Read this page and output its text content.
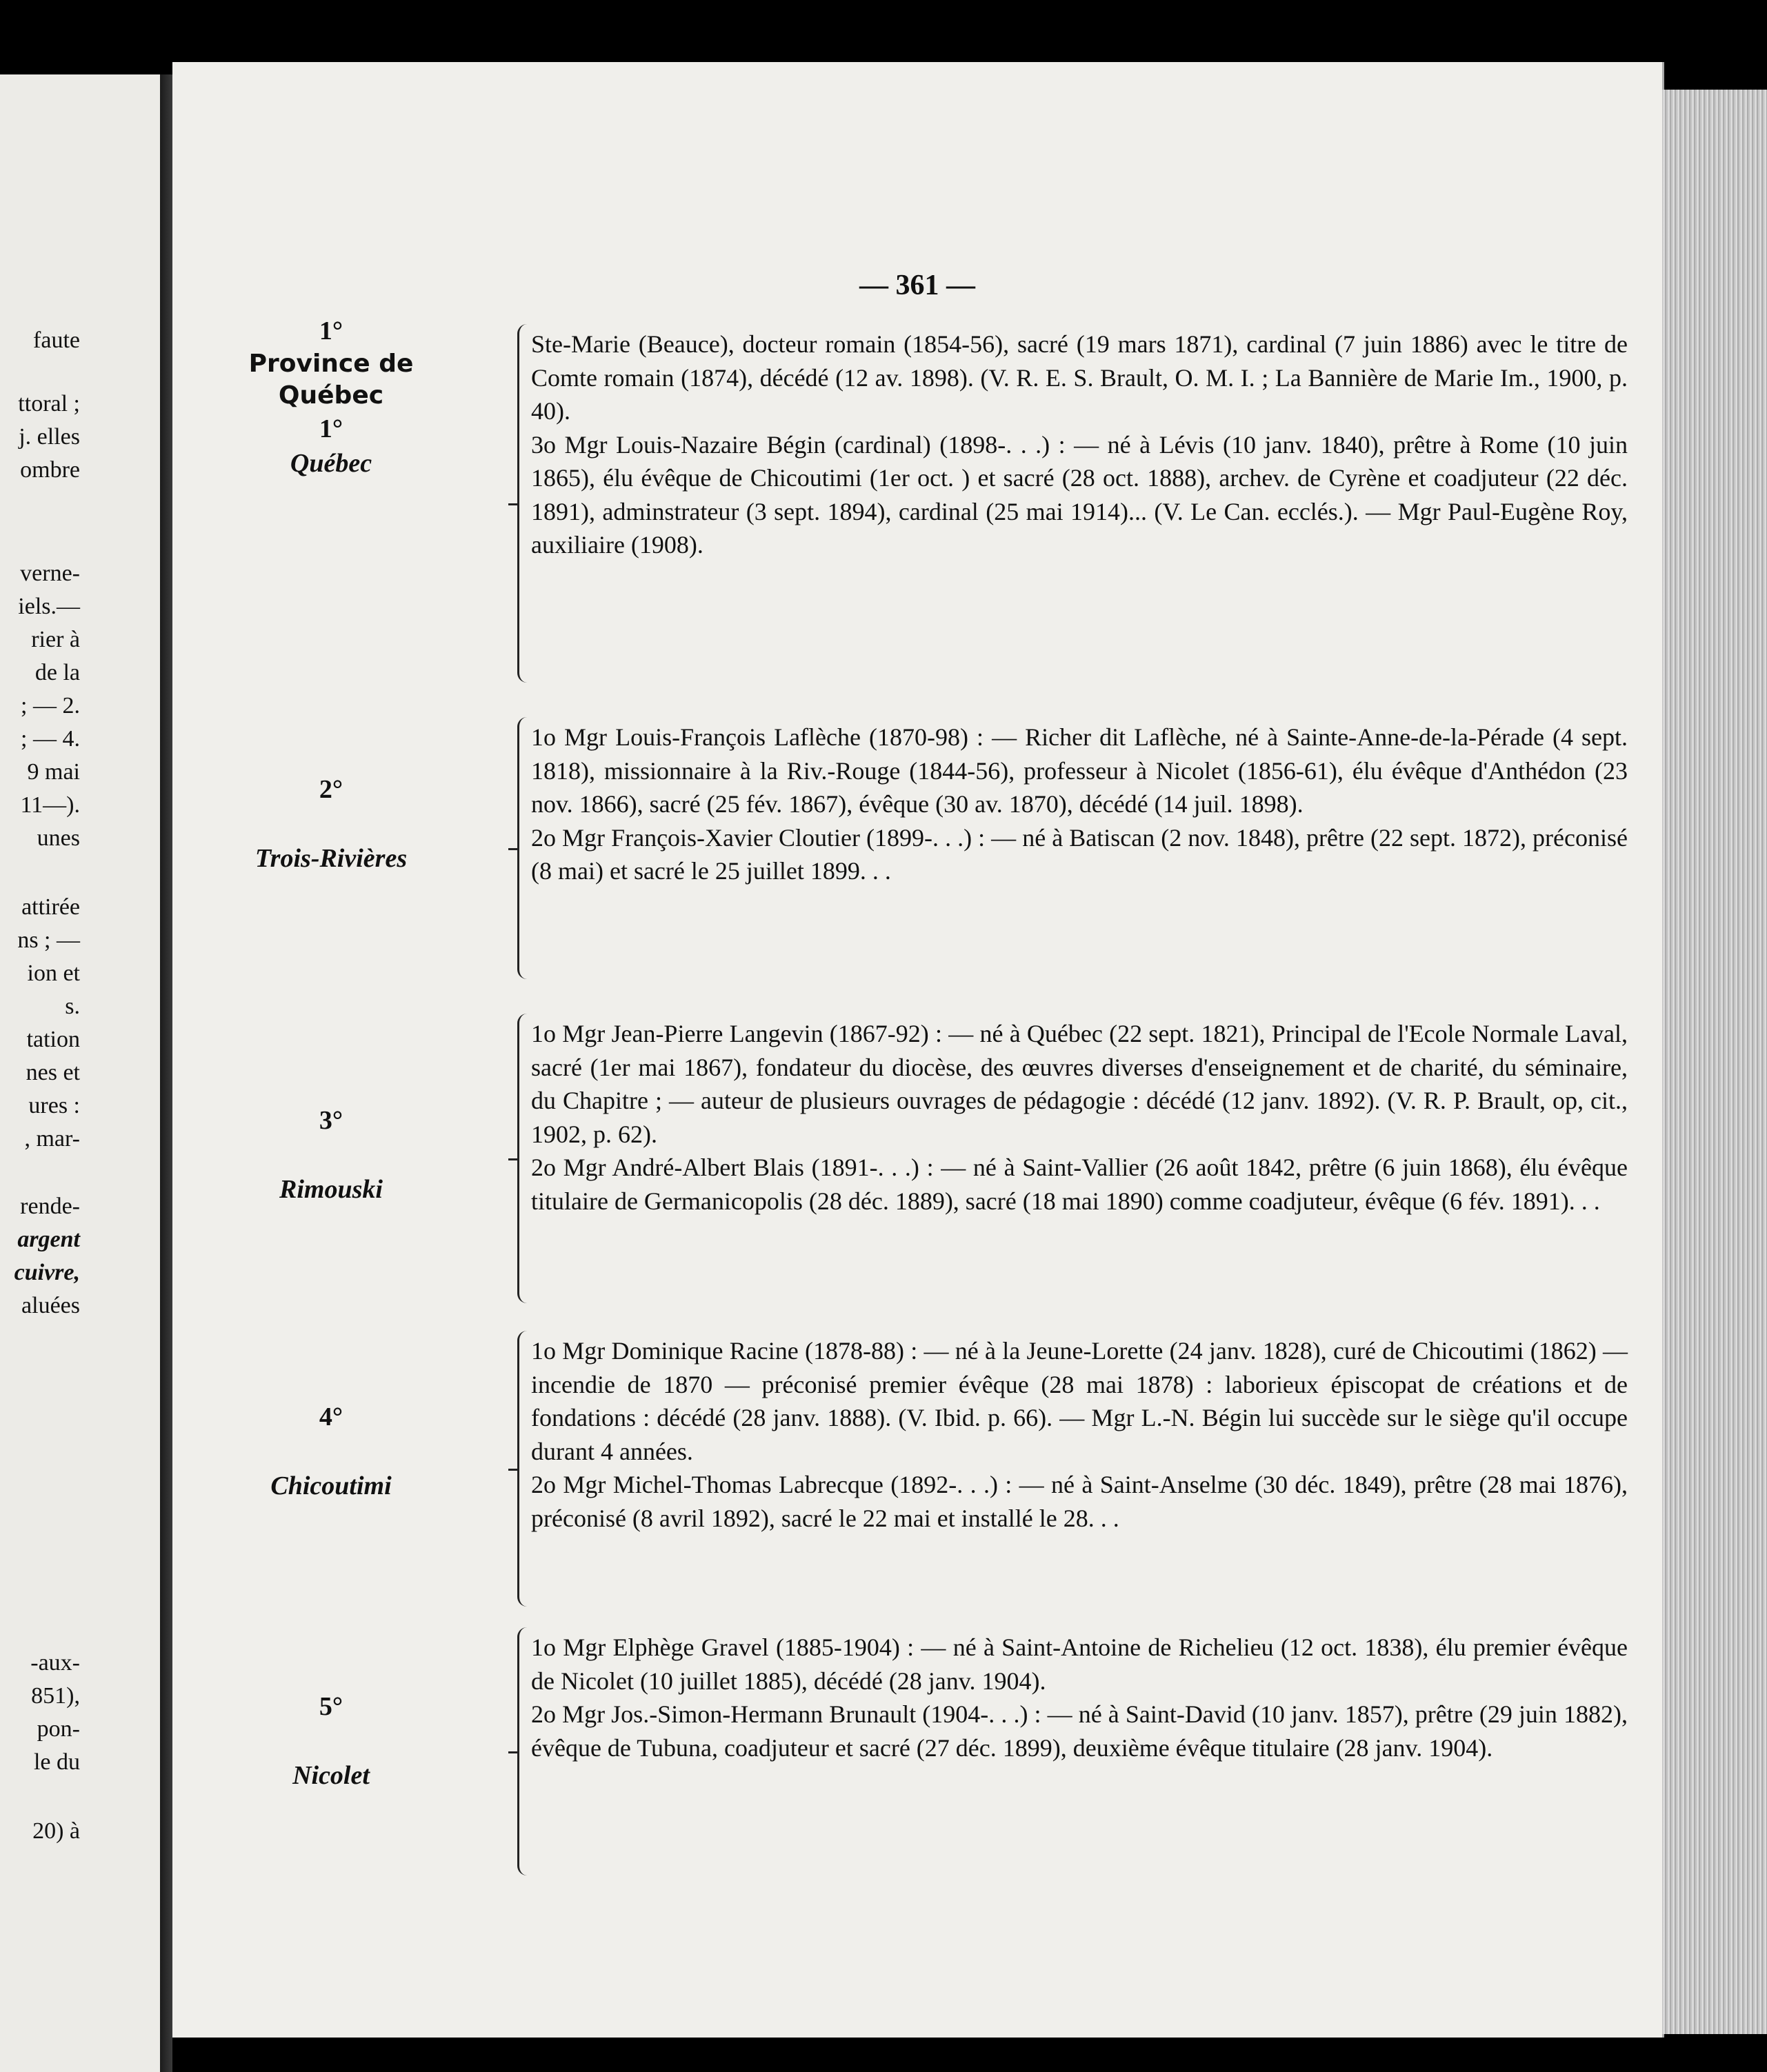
faute
ttoral ;
j. elles
ombre
verne-
iels.—
rier à
de la
; — 2.
; — 4.
9 mai
11—).
unes
attirée
ns ; —
ion et
s.
tation
nes et
ures :
, mar-
rende-
argent
cuivre,
aluées
-aux-
851),
pon-
le du
20) à
— 361 —
1°
Province de
Québec
1°
Québec

Ste-Marie (Beauce), docteur romain (1854-56), sacré (19 mars 1871), cardinal (7 juin 1886) avec le titre de Comte romain (1874), décédé (12 av. 1898). (V. R. E. S. Brault, O. M. I. ; La Bannière de Marie Im., 1900, p. 40).

3o Mgr Louis-Nazaire Bégin (cardinal) (1898-. . .) : — né à Lévis (10 janv. 1840), prêtre à Rome (10 juin 1865), élu évêque de Chicoutimi (1er oct. ) et sacré (28 oct. 1888), archev. de Cyrène et coadjuteur (22 déc. 1891), adminstrateur (3 sept. 1894), cardinal (25 mai 1914)... (V. Le Can. ecclés.). — Mgr Paul-Eugène Roy, auxiliaire (1908).

2°
Trois-Rivières

1o Mgr Louis-François Laflèche (1870-98) : — Richer dit Laflèche, né à Sainte-Anne-de-la-Pérade (4 sept. 1818), missionnaire à la Riv.-Rouge (1844-56), professeur à Nicolet (1856-61), élu évêque d'Anthédon (23 nov. 1866), sacré (25 fév. 1867), évêque (30 av. 1870), décédé (14 juil. 1898).

2o Mgr François-Xavier Cloutier (1899-. . .) : — né à Batiscan (2 nov. 1848), prêtre (22 sept. 1872), préconisé (8 mai) et sacré le 25 juillet 1899. . .

3°
Rimouski

1o Mgr Jean-Pierre Langevin (1867-92) : — né à Québec (22 sept. 1821), Principal de l'Ecole Normale Laval, sacré (1er mai 1867), fondateur du diocèse, des œuvres diverses d'enseignement et de charité, du séminaire, du Chapitre ; — auteur de plusieurs ouvrages de pédagogie : décédé (12 janv. 1892). (V. R. P. Brault, op, cit., 1902, p. 62).

2o Mgr André-Albert Blais (1891-. . .) : — né à Saint-Vallier (26 août 1842, prêtre (6 juin 1868), élu évêque titulaire de Germanicopolis (28 déc. 1889), sacré (18 mai 1890) comme coadjuteur, évêque (6 fév. 1891). . .

4°
Chicoutimi

1o Mgr Dominique Racine (1878-88) : — né à la Jeune-Lorette (24 janv. 1828), curé de Chicoutimi (1862) — incendie de 1870 — préconisé premier évêque (28 mai 1878) : laborieux épiscopat de créations et de fondations : décédé (28 janv. 1888). (V. Ibid. p. 66). — Mgr L.-N. Bégin lui succède sur le siège qu'il occupe durant 4 années.

2o Mgr Michel-Thomas Labrecque (1892-. . .) : — né à Saint-Anselme (30 déc. 1849), prêtre (28 mai 1876), préconisé (8 avril 1892), sacré le 22 mai et installé le 28. . .

5°
Nicolet

1o Mgr Elphège Gravel (1885-1904) : — né à Saint-Antoine de Richelieu (12 oct. 1838), élu premier évêque de Nicolet (10 juillet 1885), décédé (28 janv. 1904).

2o Mgr Jos.-Simon-Hermann Brunault (1904-. . .) : — né à Saint-David (10 janv. 1857), prêtre (29 juin 1882), évêque de Tubuna, coadjuteur et sacré (27 déc. 1899), deuxième évêque titulaire (28 janv. 1904).
